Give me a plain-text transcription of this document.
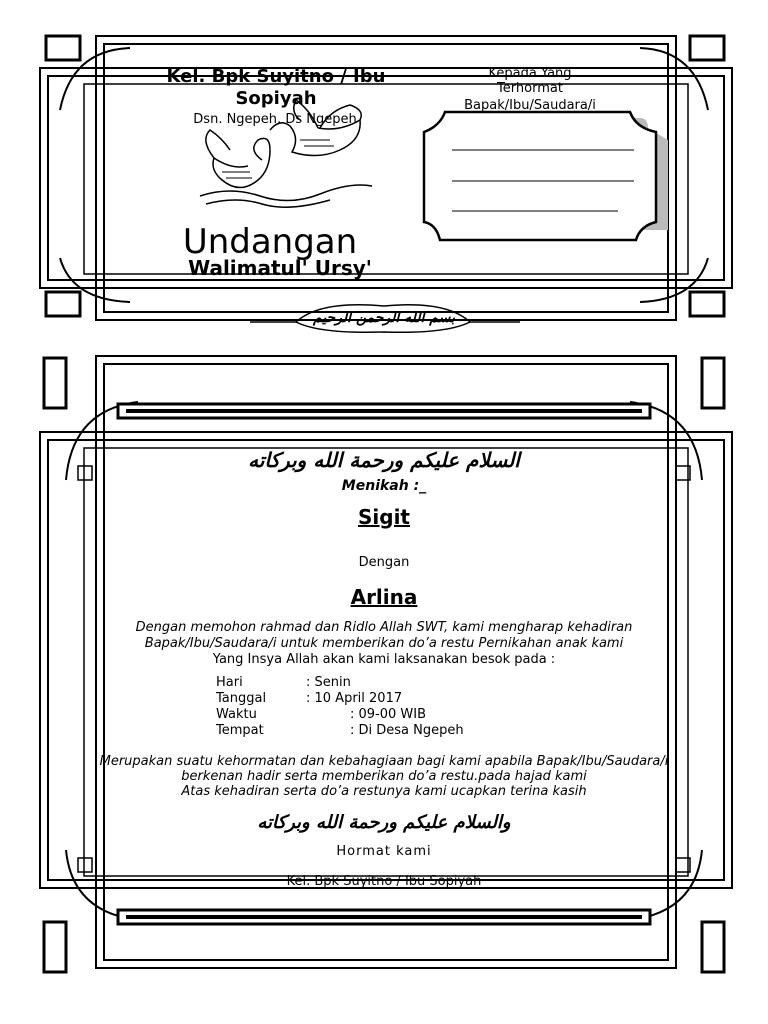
Kel. Bpk Suyitno / Ibu Sopiyah

Dsn. Ngepeh, Ds Ngepeh

Undangan

Walimatul' Ursy'

Kepada Yang Terhormat

Bapak/Ibu/Saudara/i

بسم الله الرحمن الرحيم

السلام عليكم ورحمة الله وبركاته

Menikah :_

Sigit

Dengan

Arlina

Dengan memohon rahmad dan Ridlo Allah SWT, kami mengharap kehadiran
Bapak/Ibu/Saudara/i untuk memberikan do’a restu Pernikahan anak kami
Yang Insya Allah akan kami laksanakan besok pada :
Hari	: Senin
Tanggal	: 10 April 2017
Waktu	: 09-00 WIB
Tempat	: Di Desa Ngepeh
Merupakan suatu kehormatan dan kebahagiaan bagi kami apabila Bapak/Ibu/Saudara/i
berkenan hadir serta memberikan do’a restu.pada hajad kami
Atas kehadiran serta do’a restunya kami ucapkan terina kasih

والسلام عليكم ورحمة الله وبركاته

Hormat kami

Kel. Bpk Suyitno / Ibu Sopiyah
